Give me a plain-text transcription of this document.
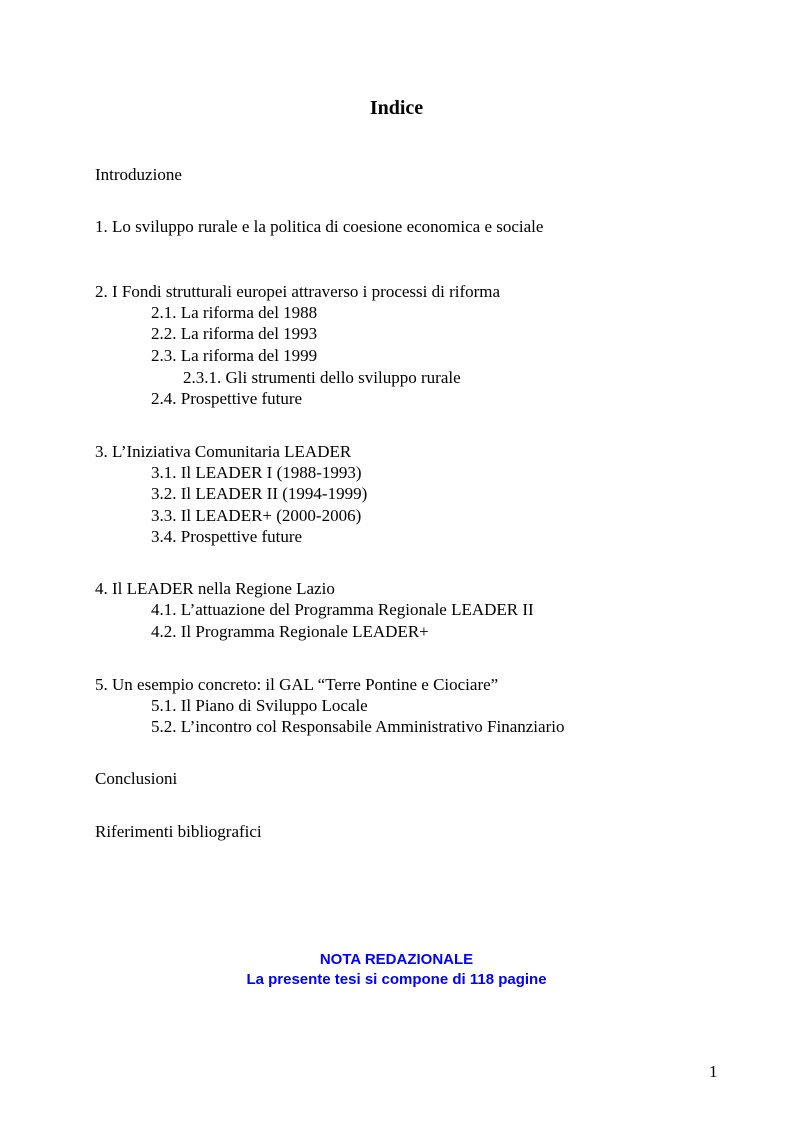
Indice
Introduzione
1. Lo sviluppo rurale e la politica di coesione economica e sociale
2. I Fondi strutturali europei attraverso i processi di riforma
2.1. La riforma del 1988
2.2. La riforma del 1993
2.3. La riforma del 1999
2.3.1. Gli strumenti dello sviluppo rurale
2.4. Prospettive future
3. L’Iniziativa Comunitaria LEADER
3.1. Il LEADER I (1988-1993)
3.2. Il LEADER II (1994-1999)
3.3. Il LEADER+ (2000-2006)
3.4. Prospettive future
4. Il LEADER nella Regione Lazio
4.1. L’attuazione del Programma Regionale LEADER II
4.2. Il Programma Regionale LEADER+
5. Un esempio concreto: il GAL “Terre Pontine e Ciociare”
5.1. Il Piano di Sviluppo Locale
5.2. L’incontro col Responsabile Amministrativo Finanziario
Conclusioni
Riferimenti bibliografici
NOTA REDAZIONALE
La presente tesi si compone di 118 pagine
1
